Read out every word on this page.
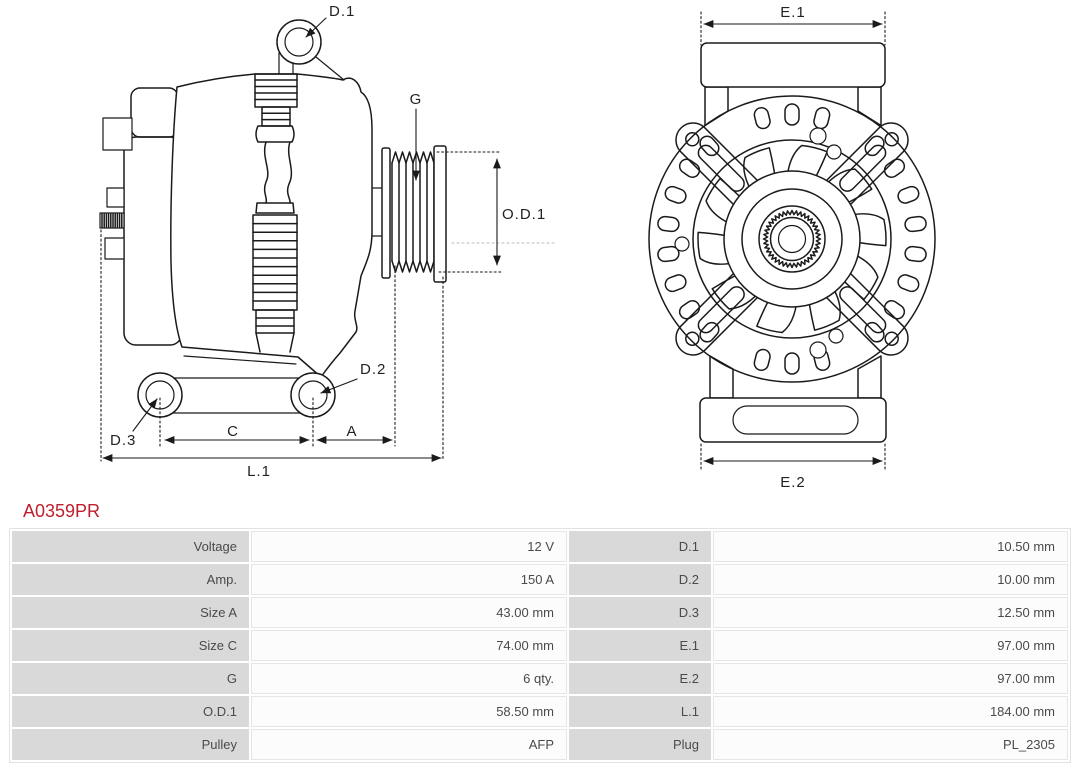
D.1
G
O.D.1
D.2
D.3
C	A
L.1
E.1
E.2
A0359PR
Voltage	12 V	D.1	10.50 mm
Amp.	150 A	D.2	10.00 mm
Size A	43.00 mm	D.3	12.50 mm
Size C	74.00 mm	E.1	97.00 mm
G	6 qty.	E.2	97.00 mm
O.D.1	58.50 mm	L.1	184.00 mm
Pulley	AFP	Plug	PL_2305
